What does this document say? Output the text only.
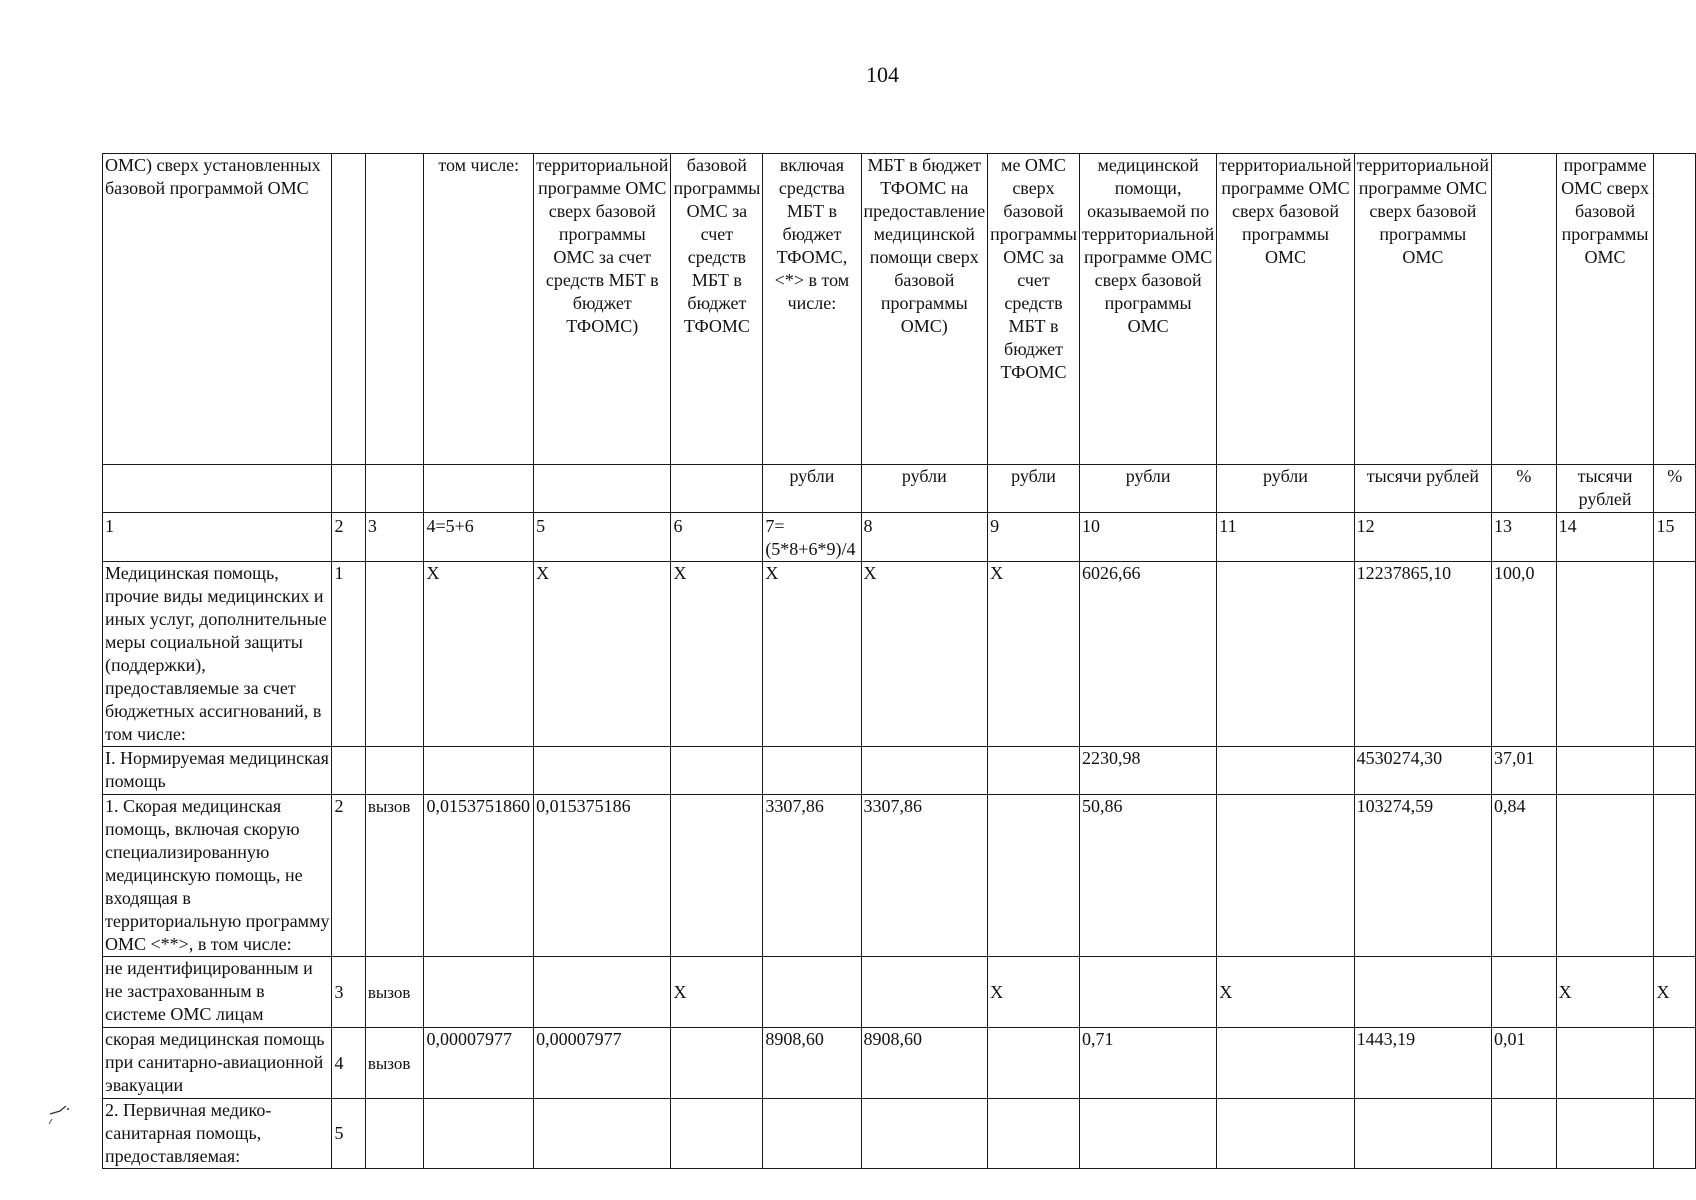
104
ОМС) сверх установленных базовой программой ОМС			том числе:	территориальной программе ОМС сверх базовой программы ОМС за счет средств МБТ в бюджет ТФОМС)	базовой программы ОМС за счет средств МБТ в бюджет ТФОМС	включая средства МБТ в бюджет ТФОМС, <*> в том числе:	МБТ в бюджет ТФОМС на предоставление медицинской помощи сверх базовой программы ОМС)	ме ОМС сверх базовой программы ОМС за счет средств МБТ в бюджет ТФОМС	медицинской помощи, оказываемой по территориальной программе ОМС сверх базовой программы ОМС	территориальной программе ОМС сверх базовой программы ОМС	территориальной программе ОМС сверх базовой программы ОМС		программе ОМС сверх базовой программы ОМС	
						рубли	рубли	рубли	рубли	рубли	тысячи рублей	%	тысячи рублей	%
1	2	3	4=5+6	5	6	7=(5*8+6*9)/4	8	9	10	11	12	13	14	15
Медицинская помощь, прочие виды медицинских и иных услуг, дополнительные меры социальной защиты (поддержки), предоставляемые за счет бюджетных ассигнований, в том числе:	1		X	X	X	X	X	X	6026,66		12237865,10	100,0		
I. Нормируемая медицинская помощь									2230,98		4530274,30	37,01		
1. Скорая медицинская помощь, включая скорую специализированную медицинскую помощь, не входящая в территориальную программу ОМС <**>, в том числе:	2	вызов	0,0153751860	0,015375186		3307,86	3307,86		50,86		103274,59	0,84		
не идентифицированным и не застрахованным в системе ОМС лицам	3	вызов			X			X		X			X	X
скорая медицинская помощь при санитарно-авиационной эвакуации	4	вызов	0,00007977	0,00007977		8908,60	8908,60		0,71		1443,19	0,01		
2. Первичная медико-санитарная помощь, предоставляемая:	5													
